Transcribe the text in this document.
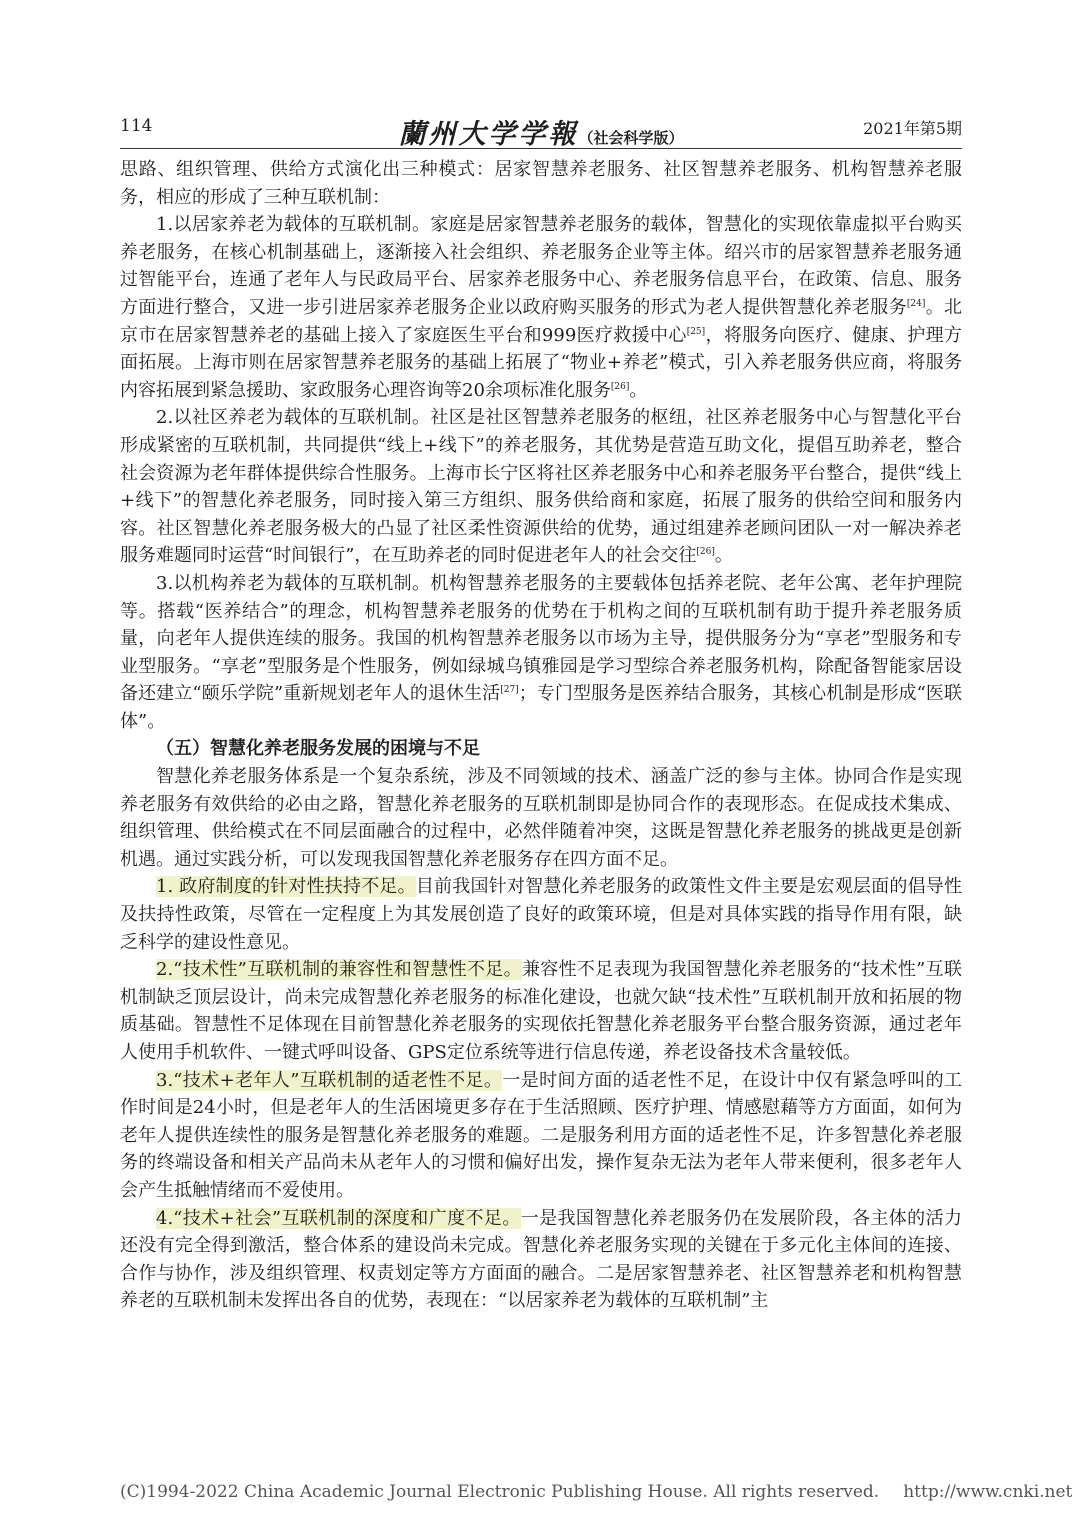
114	蘭州大学学報（社会科学版）	2021年第5期

思路、组织管理、供给方式演化出三种模式：居家智慧养老服务、社区智慧养老服务、机构智慧养老服务，相应的形成了三种互联机制：

1.以居家养老为载体的互联机制。家庭是居家智慧养老服务的载体，智慧化的实现依靠虚拟平台购买养老服务，在核心机制基础上，逐渐接入社会组织、养老服务企业等主体。绍兴市的居家智慧养老服务通过智能平台，连通了老年人与民政局平台、居家养老服务中心、养老服务信息平台，在政策、信息、服务方面进行整合，又进一步引进居家养老服务企业以政府购买服务的形式为老人提供智慧化养老服务[24]。北京市在居家智慧养老的基础上接入了家庭医生平台和999医疗救援中心[25]，将服务向医疗、健康、护理方面拓展。上海市则在居家智慧养老服务的基础上拓展了“物业+养老”模式，引入养老服务供应商，将服务内容拓展到紧急援助、家政服务心理咨询等20余项标准化服务[26]。

2.以社区养老为载体的互联机制。社区是社区智慧养老服务的枢纽，社区养老服务中心与智慧化平台形成紧密的互联机制，共同提供“线上+线下”的养老服务，其优势是营造互助文化，提倡互助养老，整合社会资源为老年群体提供综合性服务。上海市长宁区将社区养老服务中心和养老服务平台整合，提供“线上+线下”的智慧化养老服务，同时接入第三方组织、服务供给商和家庭，拓展了服务的供给空间和服务内容。社区智慧化养老服务极大的凸显了社区柔性资源供给的优势，通过组建养老顾问团队一对一解决养老服务难题同时运营“时间银行”，在互助养老的同时促进老年人的社会交往[26]。

3.以机构养老为载体的互联机制。机构智慧养老服务的主要载体包括养老院、老年公寓、老年护理院等。搭载“医养结合”的理念，机构智慧养老服务的优势在于机构之间的互联机制有助于提升养老服务质量，向老年人提供连续的服务。我国的机构智慧养老服务以市场为主导，提供服务分为“享老”型服务和专业型服务。“享老”型服务是个性服务，例如绿城乌镇雅园是学习型综合养老服务机构，除配备智能家居设备还建立“颐乐学院”重新规划老年人的退休生活[27]；专门型服务是医养结合服务，其核心机制是形成“医联体”。

（五）智慧化养老服务发展的困境与不足

智慧化养老服务体系是一个复杂系统，涉及不同领域的技术、涵盖广泛的参与主体。协同合作是实现养老服务有效供给的必由之路，智慧化养老服务的互联机制即是协同合作的表现形态。在促成技术集成、组织管理、供给模式在不同层面融合的过程中，必然伴随着冲突，这既是智慧化养老服务的挑战更是创新机遇。通过实践分析，可以发现我国智慧化养老服务存在四方面不足。

1. 政府制度的针对性扶持不足。目前我国针对智慧化养老服务的政策性文件主要是宏观层面的倡导性及扶持性政策，尽管在一定程度上为其发展创造了良好的政策环境，但是对具体实践的指导作用有限，缺乏科学的建设性意见。

2.“技术性”互联机制的兼容性和智慧性不足。兼容性不足表现为我国智慧化养老服务的“技术性”互联机制缺乏顶层设计，尚未完成智慧化养老服务的标准化建设，也就欠缺“技术性”互联机制开放和拓展的物质基础。智慧性不足体现在目前智慧化养老服务的实现依托智慧化养老服务平台整合服务资源，通过老年人使用手机软件、一键式呼叫设备、GPS定位系统等进行信息传递，养老设备技术含量较低。

3.“技术+老年人”互联机制的适老性不足。一是时间方面的适老性不足，在设计中仅有紧急呼叫的工作时间是24小时，但是老年人的生活困境更多存在于生活照顾、医疗护理、情感慰藉等方方面面，如何为老年人提供连续性的服务是智慧化养老服务的难题。二是服务利用方面的适老性不足，许多智慧化养老服务的终端设备和相关产品尚未从老年人的习惯和偏好出发，操作复杂无法为老年人带来便利，很多老年人会产生抵触情绪而不爱使用。

4.“技术+社会”互联机制的深度和广度不足。一是我国智慧化养老服务仍在发展阶段，各主体的活力还没有完全得到激活，整合体系的建设尚未完成。智慧化养老服务实现的关键在于多元化主体间的连接、合作与协作，涉及组织管理、权责划定等方方面面的融合。二是居家智慧养老、社区智慧养老和机构智慧养老的互联机制未发挥出各自的优势，表现在：“以居家养老为载体的互联机制”主

(C)1994-2022 China Academic Journal Electronic Publishing House. All rights reserved. http://www.cnki.net
